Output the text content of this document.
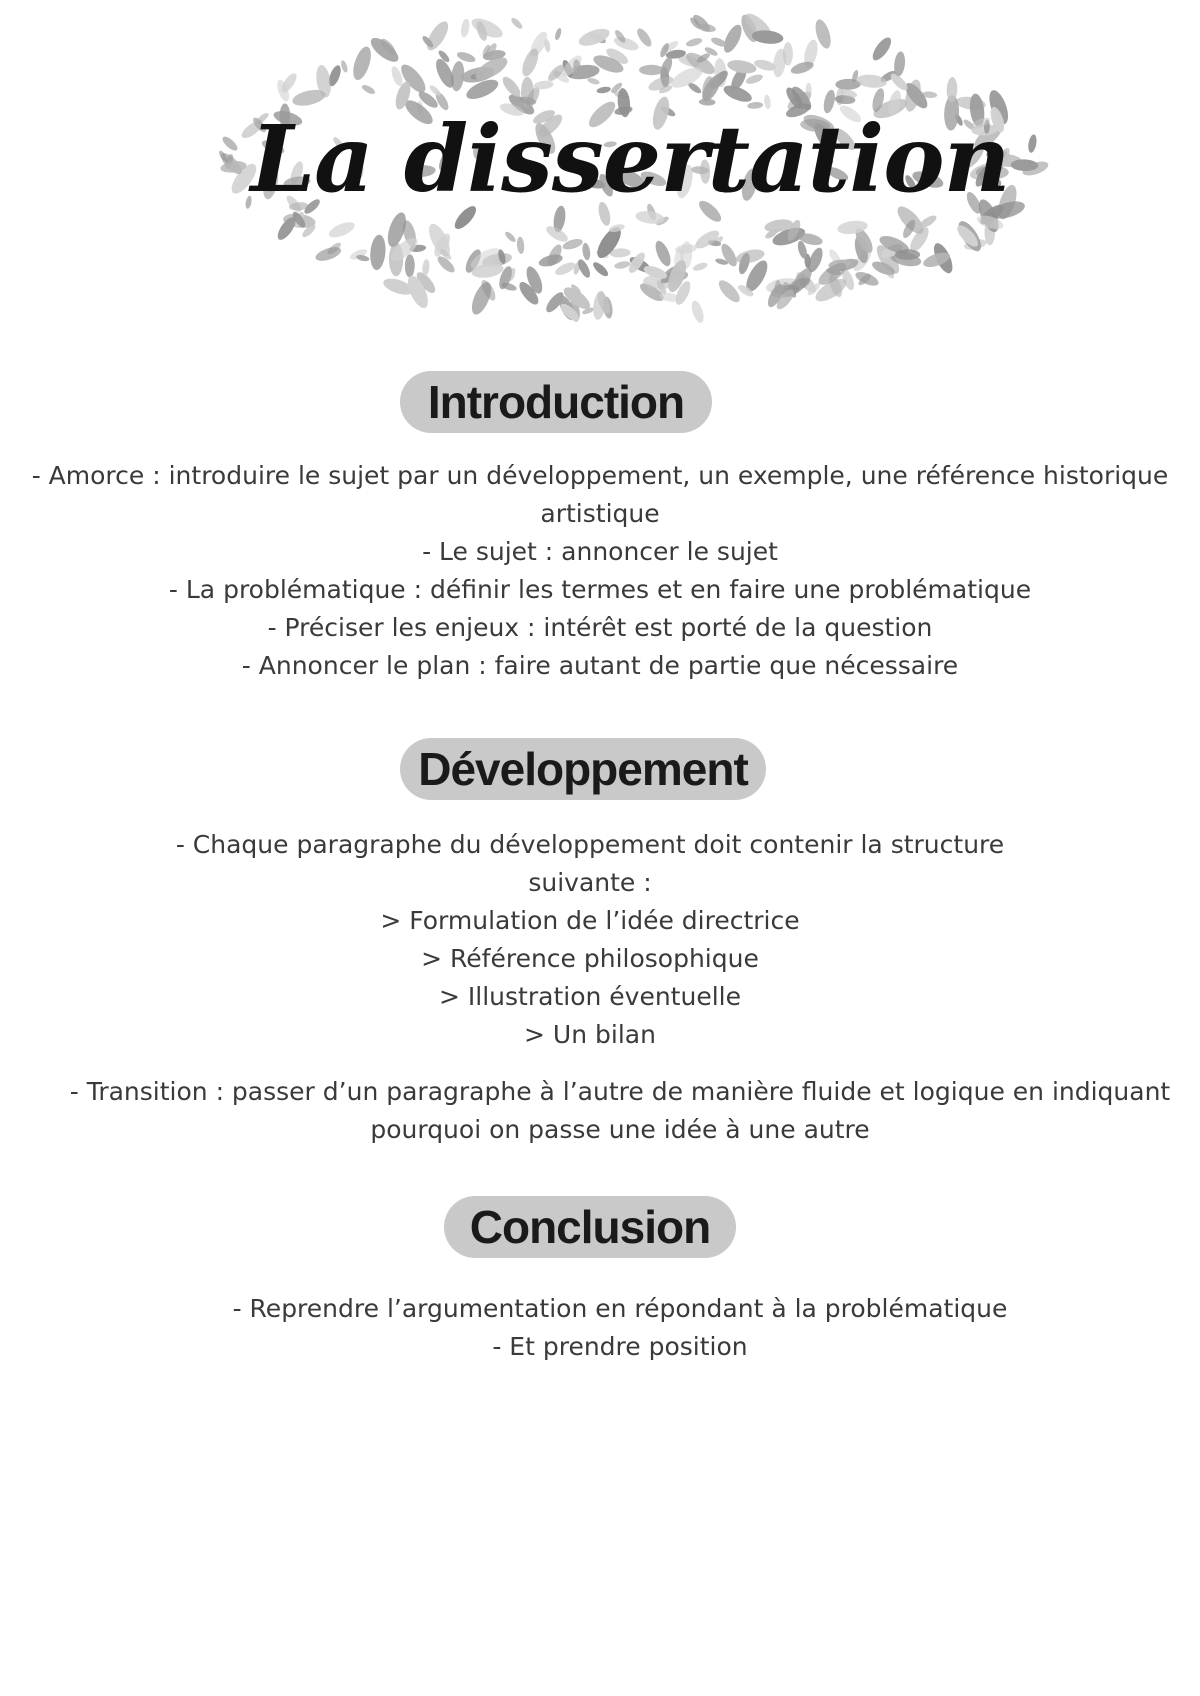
La dissertation
Introduction
- Amorce : introduire le sujet par un développement, un exemple, une référence historique
artistique
- Le sujet : annoncer le sujet
- La problématique : définir les termes et en faire une problématique
- Préciser les enjeux : intérêt est porté de la question
- Annoncer le plan : faire autant de partie que nécessaire
Développement
- Chaque paragraphe du développement doit contenir la structure
suivante :
> Formulation de l’idée directrice
> Référence philosophique
> Illustration éventuelle
> Un bilan
- Transition : passer d’un paragraphe à l’autre de manière fluide et logique en indiquant
pourquoi on passe une idée à une autre
Conclusion
- Reprendre l’argumentation en répondant à la problématique
- Et prendre position
